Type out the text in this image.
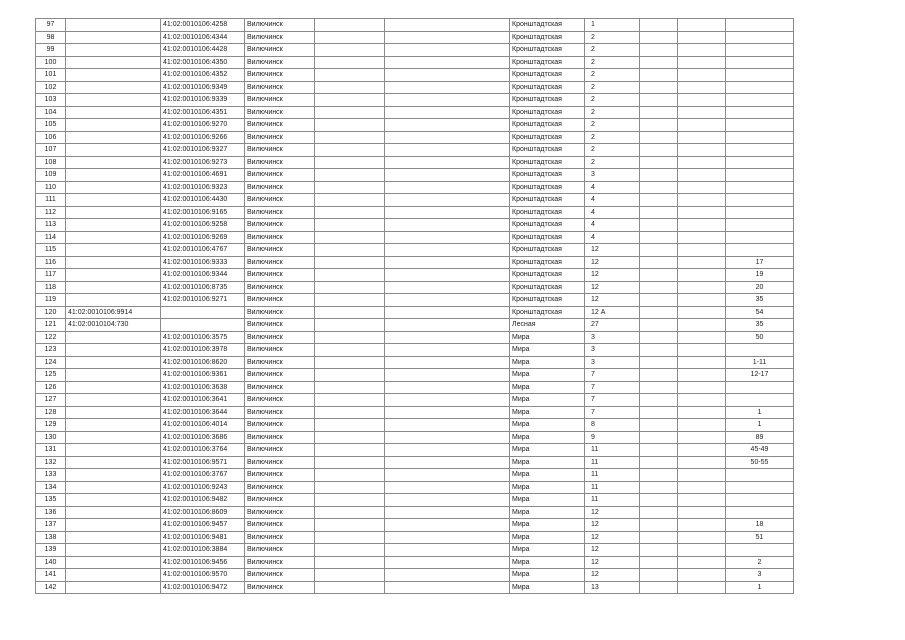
97		41:02:0010106:4258	Вилючинск			Кронштадтская	1			
98		41:02:0010106:4344	Вилючинск			Кронштадтская	2			
99		41:02:0010106:4428	Вилючинск			Кронштадтская	2			
100		41:02:0010106:4350	Вилючинск			Кронштадтская	2			
101		41:02:0010106:4352	Вилючинск			Кронштадтская	2			
102		41:02:0010106:9349	Вилючинск			Кронштадтская	2			
103		41:02:0010106:9339	Вилючинск			Кронштадтская	2			
104		41:02:0010106:4351	Вилючинск			Кронштадтская	2			
105		41:02:0010106:9270	Вилючинск			Кронштадтская	2			
106		41:02:0010106:9266	Вилючинск			Кронштадтская	2			
107		41:02:0010106:9327	Вилючинск			Кронштадтская	2			
108		41:02:0010106:9273	Вилючинск			Кронштадтская	2			
109		41:02:0010106:4691	Вилючинск			Кронштадтская	3			
110		41:02:0010106:9323	Вилючинск			Кронштадтская	4			
111		41:02:0010106:4430	Вилючинск			Кронштадтская	4			
112		41:02:0010106:9165	Вилючинск			Кронштадтская	4			
113		41:02:0010106:9258	Вилючинск			Кронштадтская	4			
114		41:02:0010106:9269	Вилючинск			Кронштадтская	4			
115		41:02:0010106:4767	Вилючинск			Кронштадтская	12			
116		41:02:0010106:9333	Вилючинск			Кронштадтская	12			17
117		41:02:0010106:9344	Вилючинск			Кронштадтская	12			19
118		41:02:0010106:8735	Вилючинск			Кронштадтская	12			20
119		41:02:0010106:9271	Вилючинск			Кронштадтская	12			35
120	41:02:0010106:9914		Вилючинск			Кронштадтская	12 А			54
121	41:02:0010104:730		Вилючинск			Лесная	27			35
122		41:02:0010106:3575	Вилючинск			Мира	3			50
123		41:02:0010106:3978	Вилючинск			Мира	3			
124		41:02:0010106:8620	Вилючинск			Мира	3			1-11
125		41:02:0010106:9361	Вилючинск			Мира	7			12-17
126		41:02:0010106:3638	Вилючинск			Мира	7			
127		41:02:0010106:3641	Вилючинск			Мира	7			
128		41:02:0010106:3644	Вилючинск			Мира	7			1
129		41:02:0010106:4014	Вилючинск			Мира	8			1
130		41:02:0010106:3686	Вилючинск			Мира	9			89
131		41:02:0010106:3764	Вилючинск			Мира	11			45-49
132		41:02:0010106:9571	Вилючинск			Мира	11			50-55
133		41:02:0010106:3767	Вилючинск			Мира	11			
134		41:02:0010106:9243	Вилючинск			Мира	11			
135		41:02:0010106:9482	Вилючинск			Мира	11			
136		41:02:0010106:8609	Вилючинск			Мира	12			
137		41:02:0010106:9457	Вилючинск			Мира	12			18
138		41:02:0010106:9481	Вилючинск			Мира	12			51
139		41:02:0010106:3884	Вилючинск			Мира	12			
140		41:02:0010106:9456	Вилючинск			Мира	12			2
141		41:02:0010106:9570	Вилючинск			Мира	12			3
142		41:02:0010106:9472	Вилючинск			Мира	13			1
